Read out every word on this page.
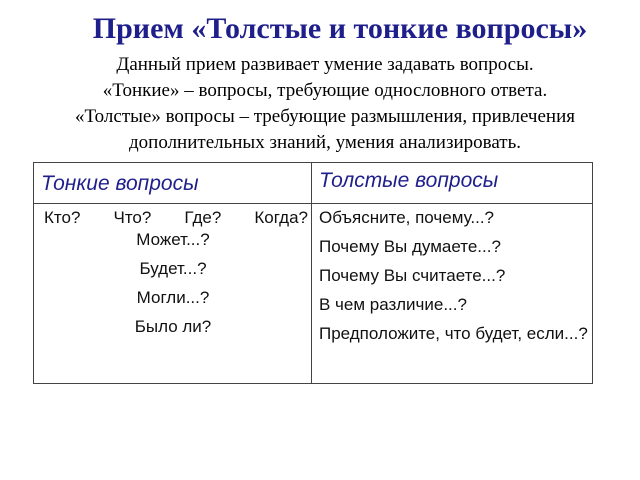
Прием «Толстые и тонкие вопросы»
Данный прием развивает умение задавать вопросы.
«Тонкие» – вопросы, требующие однословного ответа.
«Толстые» вопросы – требующие размышления, привлечения
дополнительных знаний, умения анализировать.
Тонкие вопросы	Толстые вопросы
Кто? Что? Где? Когда?
Может...?
Будет...?
Могли...?
Было ли?
Объясните, почему...?
Почему Вы думаете...?
Почему Вы считаете...?
В чем различие...?
Предположите, что будет, если...?
